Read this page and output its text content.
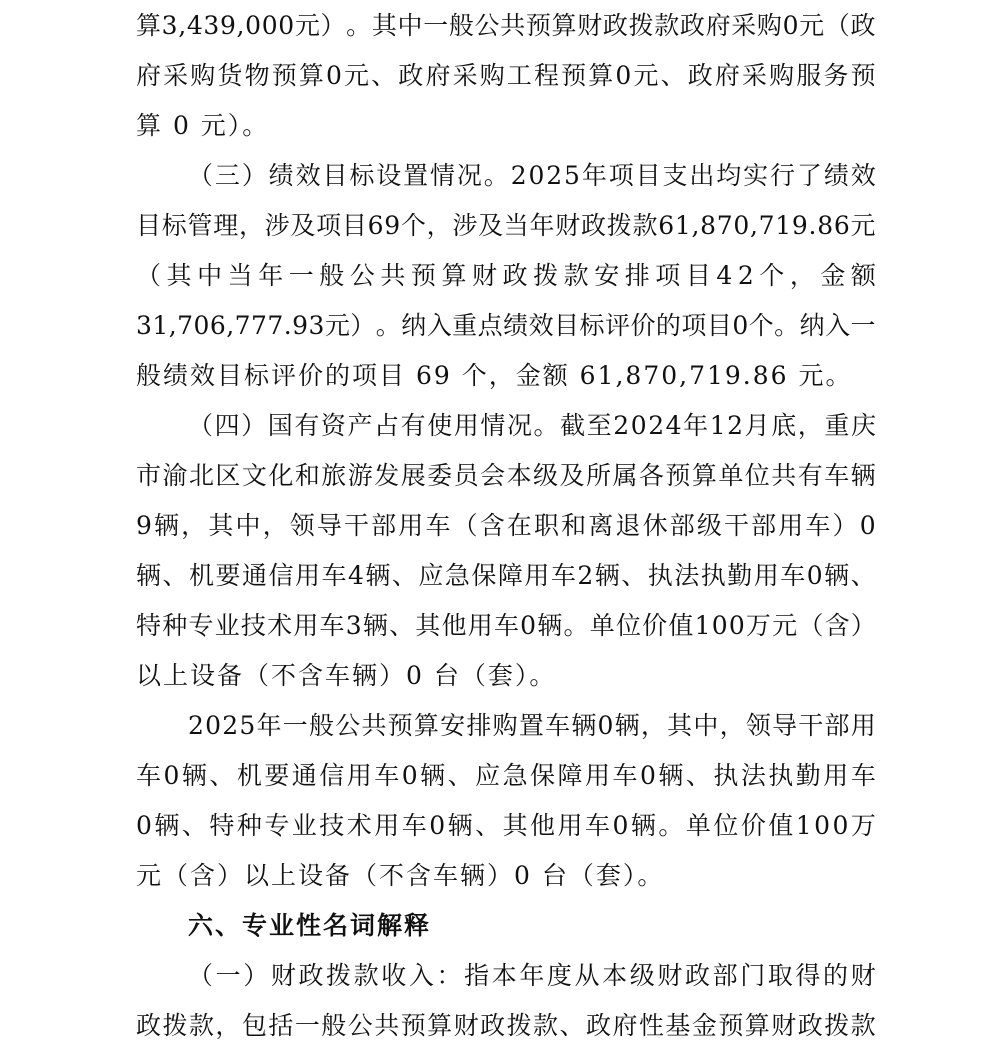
算 3 , 4 3 9 , 0 0 0 元 ） 。 其 中 一 般 公 共 预 算 财 政 拨 款 政 府 采 购 0 元 （ 政
府 采 购 货 物 预 算 0 元 、 政 府 采 购 工 程 预 算 0 元 、 政 府 采 购 服 务 预
算 0 元）。
（ 三 ） 绩 效 目 标 设 置 情 况 。 2 0 2 5 年 项 目 支 出 均 实 行 了 绩 效
目 标 管 理 ， 涉 及 项 目 6 9 个 ， 涉 及 当 年 财 政 拨 款 6 1 , 8 7 0 , 7 1 9 . 8 6 元
（ 其 中 当 年 一 般 公 共 预 算 财 政 拨 款 安 排 项 目 4 2 个 ， 金 额
3 1 , 7 0 6 , 7 7 7 . 9 3 元 ） 。 纳 入 重 点 绩 效 目 标 评 价 的 项 目 0 个 。 纳 入 一
般绩效目标评价的项目 69 个，金额 61,870,719.86 元。
（ 四 ） 国 有 资 产 占 有 使 用 情 况 。 截 至 2 0 2 4 年 1 2 月 底 ， 重 庆
市 渝 北 区 文 化 和 旅 游 发 展 委 员 会 本 级 及 所 属 各 预 算 单 位 共 有 车 辆
9 辆 ， 其 中 ， 领 导 干 部 用 车 （ 含 在 职 和 离 退 休 部 级 干 部 用 车 ） 0
辆 、 机 要 通 信 用 车 4 辆 、 应 急 保 障 用 车 2 辆 、 执 法 执 勤 用 车 0 辆 、
特 种 专 业 技 术 用 车 3 辆 、 其 他 用 车 0 辆 。 单 位 价 值 1 0 0 万 元 （ 含 ）
以上设备（不含车辆）0 台（套）。
2 0 2 5 年 一 般 公 共 预 算 安 排 购 置 车 辆 0 辆 ， 其 中 ， 领 导 干 部 用
车 0 辆 、 机 要 通 信 用 车 0 辆 、 应 急 保 障 用 车 0 辆 、 执 法 执 勤 用 车
0 辆 、 特 种 专 业 技 术 用 车 0 辆 、 其 他 用 车 0 辆 。 单 位 价 值 1 0 0 万
元（含）以上设备（不含车辆）0 台（套）。
六、专业性名词解释
（ 一 ） 财 政 拨 款 收 入 ： 指 本 年 度 从 本 级 财 政 部 门 取 得 的 财
政 拨 款 ， 包 括 一 般 公 共 预 算 财 政 拨 款 、 政 府 性 基 金 预 算 财 政 拨 款
